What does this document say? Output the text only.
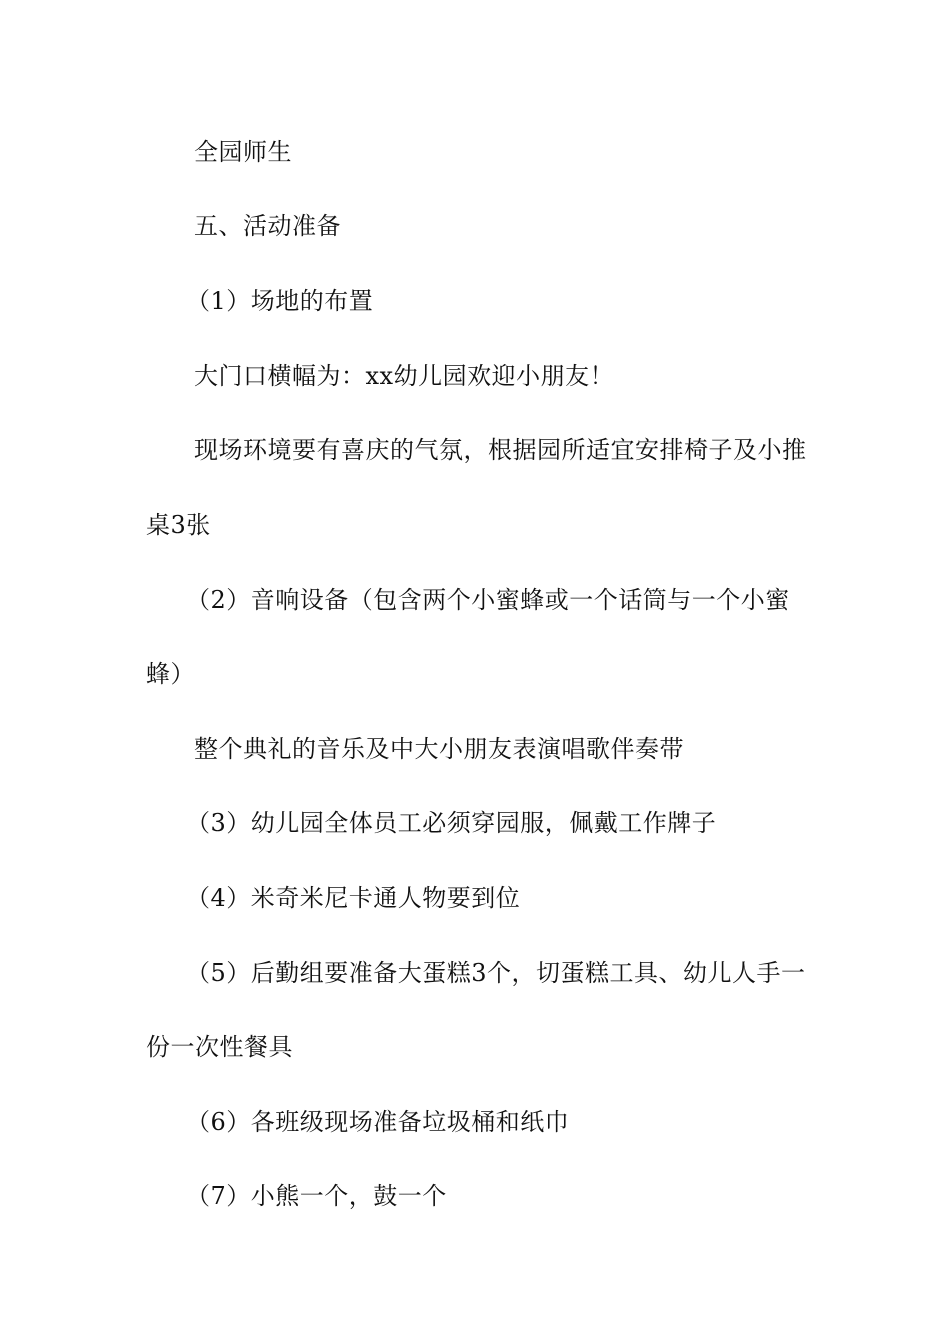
全园师生
五、活动准备
（1）场地的布置
大门口横幅为：xx幼儿园欢迎小朋友！
现场环境要有喜庆的气氛，根据园所适宜安排椅子及小推
桌3张
（2）音响设备（包含两个小蜜蜂或一个话筒与一个小蜜
蜂）
整个典礼的音乐及中大小朋友表演唱歌伴奏带
（3）幼儿园全体员工必须穿园服，佩戴工作牌子
（4）米奇米尼卡通人物要到位
（5）后勤组要准备大蛋糕3个，切蛋糕工具、幼儿人手一
份一次性餐具
（6）各班级现场准备垃圾桶和纸巾
（7）小熊一个，鼓一个
